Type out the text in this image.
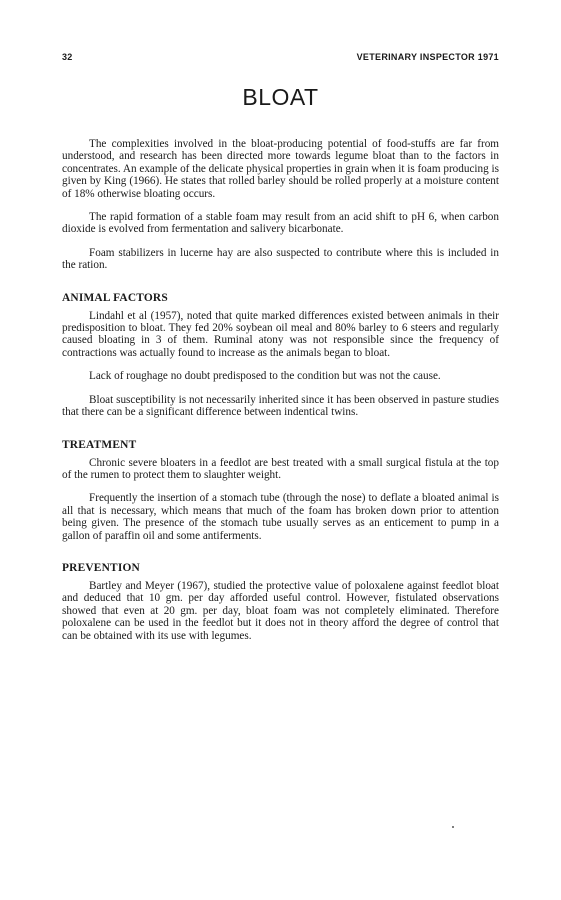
32	VETERINARY INSPECTOR 1971
BLOAT

The complexities involved in the bloat-producing potential of food-stuffs are far from understood, and research has been directed more towards legume bloat than to the factors in concentrates. An example of the delicate physical properties in grain when it is foam producing is given by King (1966). He states that rolled barley should be rolled properly at a moisture content of 18% otherwise bloating occurs.

The rapid formation of a stable foam may result from an acid shift to pH 6, when carbon dioxide is evolved from fermentation and salivery bicarbonate.

Foam stabilizers in lucerne hay are also suspected to contribute where this is included in the ration.

ANIMAL FACTORS

Lindahl et al (1957), noted that quite marked differences existed between animals in their predisposition to bloat. They fed 20% soybean oil meal and 80% barley to 6 steers and regularly caused bloating in 3 of them. Ruminal atony was not responsible since the frequency of contractions was actually found to increase as the animals began to bloat.

Lack of roughage no doubt predisposed to the condition but was not the cause.

Bloat susceptibility is not necessarily inherited since it has been observed in pasture studies that there can be a significant difference between indentical twins.

TREATMENT

Chronic severe bloaters in a feedlot are best treated with a small surgical fistula at the top of the rumen to protect them to slaughter weight.

Frequently the insertion of a stomach tube (through the nose) to deflate a bloated animal is all that is necessary, which means that much of the foam has broken down prior to attention being given. The presence of the stomach tube usually serves as an enticement to pump in a gallon of paraffin oil and some antiferments.

PREVENTION

Bartley and Meyer (1967), studied the protective value of poloxalene against feedlot bloat and deduced that 10 gm. per day afforded useful control. However, fistulated observations showed that even at 20 gm. per day, bloat foam was not completely eliminated. Therefore poloxalene can be used in the feedlot but it does not in theory afford the degree of control that can be obtained with its use with legumes.
